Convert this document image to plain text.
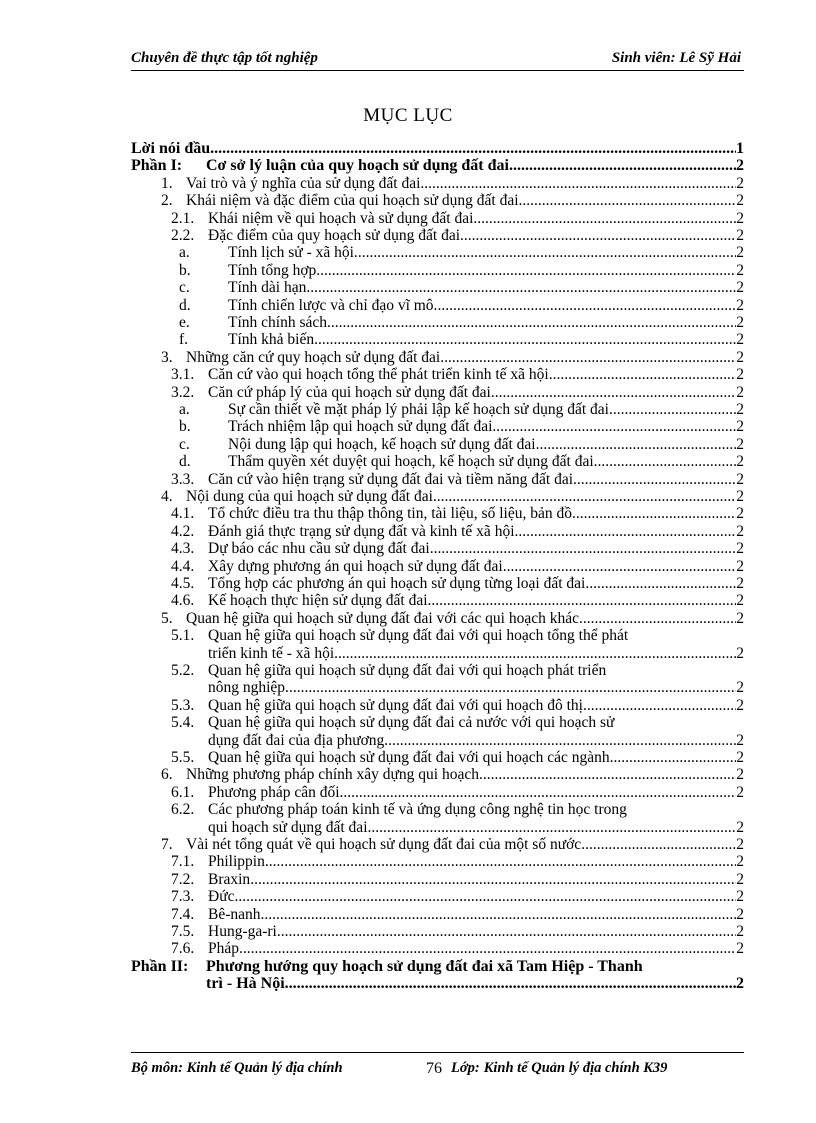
Chuyên đề thực tập tốt nghiệp	Sinh viên: Lê Sỹ Hải
MỤC LỤC
Lời nói đầu .....	1
Phần I: Cơ sở lý luận của quy hoạch sử dụng đất đai .....	2
1. Vai trò và ý nghĩa của sử dụng đất đai .....	2
2. Khái niệm và đặc điểm của qui hoạch sử dụng đất đai .....	2
2.1. Khái niệm về qui hoạch và sử dụng đất đai .....	2
2.2. Đặc điểm của quy hoạch sử dụng đất đai. .....	2
a. Tính lịch sử - xã hội. .....	2
b. Tính tổng hợp .....	2
c. Tính dài hạn .....	2
d. Tính chiến lược và chỉ đạo vĩ mô. .....	2
e. Tính chính sách .....	2
f.	Tính khả biến .....	2
3. Những căn cứ quy hoạch sử dụng đất đai. .....	2
3.1. Căn cứ vào qui hoạch tổng thể phát triển kinh tế xã hội. .....	2
3.2. Căn cứ pháp lý của qui hoạch sử dụng đất đai. .....	2
a. Sự cần thiết về mặt pháp lý phải lập kế hoạch sử dụng đất đai. .....	2
b. Trách nhiệm lập qui hoạch sử dụng đất đai .....	2
c. Nội dung lập qui hoạch, kế hoạch sử dụng đất đai. .....	2
d. Thẩm quyền xét duyệt qui hoạch, kế hoạch sử dụng đất đai. .....	2
3.3. Căn cứ vào hiện trạng sử dụng đất đai và tiềm năng đất đai. .....	2
4. Nội dung của qui hoạch sử dụng đất đai. .....	2
4.1. Tổ chức điều tra thu thập thông tin, tài liệu, số liệu, bản đồ. .....	2
4.2. Đánh giá thực trạng sử dụng đất và kinh tế xã hội .....	2
4.3. Dự báo các nhu cầu sử dụng đất đai .....	2
4.4. Xây dựng phương án qui hoạch sử dụng đất đai. .....	2
4.5. Tổng hợp các phương án qui hoạch sử dụng từng loại đất đai. .....	2
4.6. Kế hoạch thực hiện sử dụng đất đai. .....	2
5. Quan hệ giữa qui hoạch sử dụng đất đai với các qui hoạch khác .....	2
5.1. Quan hệ giữa qui hoạch sử dụng đất đai với qui hoạch tổng thể phát
triển kinh tế - xã hội. .....	2
5.2. Quan hệ giữa qui hoạch sử dụng đất đai với qui hoạch phát triển
nông nghiệp. .....	2
5.3. Quan hệ giữa qui hoạch sử dụng đất đai với qui hoạch đô thị. .....	2
5.4. Quan hệ giữa qui hoạch sử dụng đất đai cả nước với qui hoạch sử
dụng đất đai của địa phương. .....	2
5.5. Quan hệ giữa qui hoạch sử dụng đất đai với qui hoạch các ngành .....	2
6. Những phương pháp chính xây dựng qui hoạch. .....	2
6.1. Phương pháp cân đối. .....	2
6.2. Các phương pháp toán kinh tế và ứng dụng công nghệ tin học trong
qui hoạch sử dụng đất đai. .....	2
7. Vài nét tổng quát về qui hoạch sử dụng đất đai của một số nước. .....	2
7.1. Philippin .....	2
7.2. Braxin .....	2
7.3. Đức .....	2
7.4. Bê-nanh .....	2
7.5. Hung-ga-ri .....	2
7.6. Pháp .....	2
Phần II: Phương hướng quy hoạch sử dụng đất đai xã Tam Hiệp - Thanh
trì - Hà Nội. .....	2
Bộ môn: Kinh tế Quản lý địa chính	76 Lớp: Kinh tế Quản lý địa chính K39
